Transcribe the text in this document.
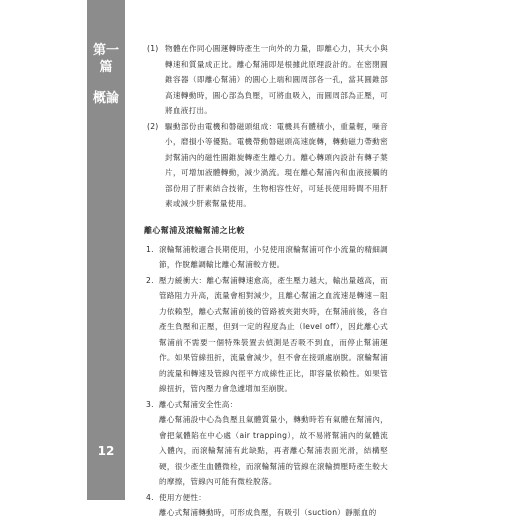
第一篇
概論
12
(1) 物體在作同心圓運轉時產生一向外的力量，即離心力，其大小與轉速和質量成正比。離心幫浦即是根據此原理設計的。在密閉圓錐容器（即離心幫浦）的圓心上端和圓周部各一孔，當其圓錐部高速轉動時，圓心部為負壓，可將血吸入，而圓周部為正壓，可將血液打出。

(2) 驅動部份由電機和磐磁頭組成：電機具有體積小，重量輕，噪音小，磨損小等優點。電機帶動磐磁頭高速旋轉，轉動磁力帶動密封幫浦內的磁性圓錐旋轉產生離心力。離心轉頭內設計有轉子葉片，可增加液體轉動，減少渦流。現在離心幫浦內和血液接觸的部份用了肝素結合技術，生物相容性好，可延長使用時間不用肝素或減少肝素幫量使用。

離心幫浦及滾輪幫浦之比較
1. 滾輪幫浦較適合長期使用，小兒使用滾輪幫浦可作小流量的精細調節，作脫離調輸比離心幫浦較方便。

2. 壓力緩衝大：離心幫浦轉速愈高，產生壓力越大，輸出量越高，而管路阻力升高，流量會相對減少，且離心幫浦之血流速是轉速－阻力依賴型，離心式幫浦前後的管路被夾鉗夾時，在幫浦前後，各自產生負壓和正壓，但到一定的程度為止（level off），因此離心式幫浦前不需要一個特殊裝置去偵測是否吸不到血，而停止幫浦運作。如果管線扭折，流量會減少，但不會在接頭處崩脫。滾輪幫浦的流量和轉速及管線內徑平方成線性正比，即容量依賴性。如果管線扭折，管內壓力會急遽增加至崩脫。

3. 離心式幫浦安全性高：

離心幫浦設中心為負壓且氣體質量小，轉動時若有氣體在幫浦內，會把氣體陷在中心處（air trapping），故不易將幫浦內的氣體流入體內，而滾輪幫浦有此缺點，再者離心幫浦表面光滑，結構堅硬，很少產生血體微栓，而滾輪幫浦的管線在滾輪擠壓時產生較大的摩擦，管線內可能有微栓脫落。

4. 使用方便性：

離心式幫浦轉動時，可形成負壓，有吸引（suction）靜脈血的
